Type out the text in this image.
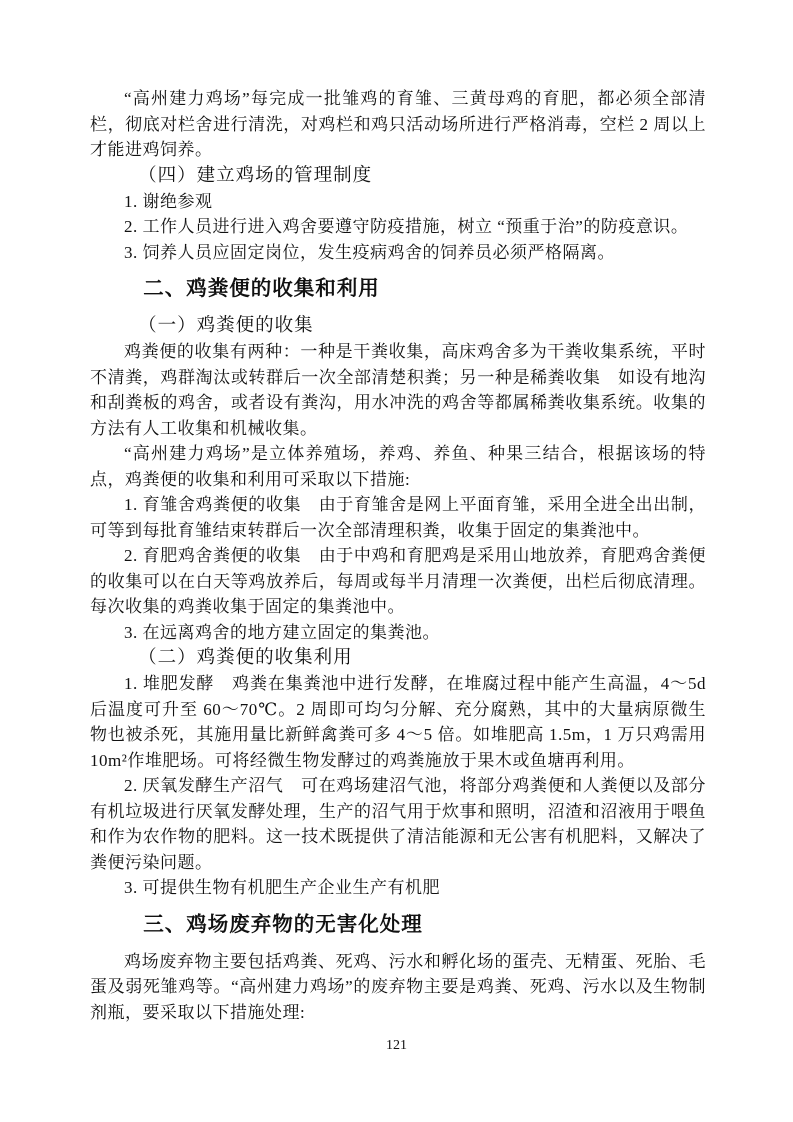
“高州建力鸡场”每完成一批雏鸡的育雏、三黄母鸡的育肥，都必须全部清栏，彻底对栏舍进行清洗，对鸡栏和鸡只活动场所进行严格消毒，空栏 2 周以上才能进鸡饲养。

（四）建立鸡场的管理制度

1. 谢绝参观

2. 工作人员进行进入鸡舍要遵守防疫措施，树立 “预重于治”的防疫意识。

3. 饲养人员应固定岗位，发生疫病鸡舍的饲养员必须严格隔离。

二、鸡粪便的收集和利用

（一）鸡粪便的收集

鸡粪便的收集有两种：一种是干粪收集，高床鸡舍多为干粪收集系统，平时不清粪，鸡群淘汰或转群后一次全部清楚积粪；另一种是稀粪收集　如设有地沟和刮粪板的鸡舍，或者设有粪沟，用水冲洗的鸡舍等都属稀粪收集系统。收集的方法有人工收集和机械收集。

“高州建力鸡场”是立体养殖场，养鸡、养鱼、种果三结合，根据该场的特点，鸡粪便的收集和利用可采取以下措施:

1. 育雏舍鸡粪便的收集　由于育雏舍是网上平面育雏，采用全进全出出制，可等到每批育雏结束转群后一次全部清理积粪，收集于固定的集粪池中。

2. 育肥鸡舍粪便的收集　由于中鸡和育肥鸡是采用山地放养，育肥鸡舍粪便的收集可以在白天等鸡放养后，每周或每半月清理一次粪便，出栏后彻底清理。每次收集的鸡粪收集于固定的集粪池中。

3. 在远离鸡舍的地方建立固定的集粪池。

（二）鸡粪便的收集利用

1. 堆肥发酵　鸡粪在集粪池中进行发酵，在堆腐过程中能产生高温，4～5d 后温度可升至 60～70℃。2 周即可均匀分解、充分腐熟，其中的大量病原微生物也被杀死，其施用量比新鲜禽粪可多 4～5 倍。如堆肥高 1.5m，1 万只鸡需用 10m²作堆肥场。可将经微生物发酵过的鸡粪施放于果木或鱼塘再利用。

2. 厌氧发酵生产沼气　可在鸡场建沼气池，将部分鸡粪便和人粪便以及部分有机垃圾进行厌氧发酵处理，生产的沼气用于炊事和照明，沼渣和沼液用于喂鱼和作为农作物的肥料。这一技术既提供了清洁能源和无公害有机肥料，又解决了粪便污染问题。

3. 可提供生物有机肥生产企业生产有机肥

三、鸡场废弃物的无害化处理

鸡场废弃物主要包括鸡粪、死鸡、污水和孵化场的蛋壳、无精蛋、死胎、毛蛋及弱死雏鸡等。“高州建力鸡场”的废弃物主要是鸡粪、死鸡、污水以及生物制剂瓶，要采取以下措施处理:

121
